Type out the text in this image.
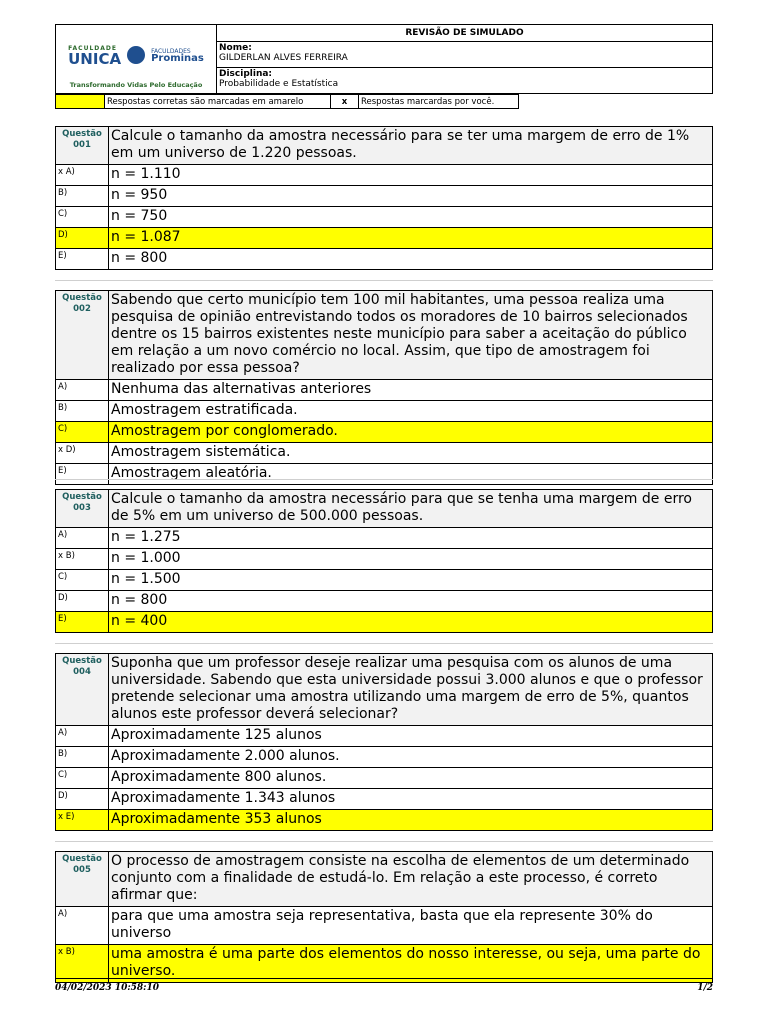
FACULDADE
UNICA	FACULDADES
Prominas
Transformando Vidas Pelo Educação
	REVISÃO DE SIMULADO

Nome:
GILDERLAN ALVES FERREIRA

Disciplina:
Probabilidade e Estatística
	Respostas corretas são marcadas em amarelo	x	Respostas marcardas por você.
Questão
001	Calcule o tamanho da amostra necessário para se ter uma margem de erro de 1% em um universo de 1.220 pessoas.
x A)	n = 1.110
B)	n = 950
C)	n = 750
D)	n = 1.087
E)	n = 800
Questão
002	Sabendo que certo município tem 100 mil habitantes, uma pessoa realiza uma pesquisa de opinião entrevistando todos os moradores de 10 bairros selecionados dentre os 15 bairros existentes neste município para saber a aceitação do público em relação a um novo comércio no local. Assim, que tipo de amostragem foi realizado por essa pessoa?
A)	Nenhuma das alternativas anteriores
B)	Amostragem estratificada.
C)	Amostragem por conglomerado.
x D)	Amostragem sistemática.
E)	Amostragem aleatória.
Questão
003	Calcule o tamanho da amostra necessário para que se tenha uma margem de erro de 5% em um universo de 500.000 pessoas.
A)	n = 1.275
x B)	n = 1.000
C)	n = 1.500
D)	n = 800
E)	n = 400
Questão
004	Suponha que um professor deseje realizar uma pesquisa com os alunos de uma universidade. Sabendo que esta universidade possui 3.000 alunos e que o professor pretende selecionar uma amostra utilizando uma margem de erro de 5%, quantos alunos este professor deverá selecionar?
A)	Aproximadamente 125 alunos
B)	Aproximadamente 2.000 alunos.
C)	Aproximadamente 800 alunos.
D)	Aproximadamente 1.343 alunos
x E)	Aproximadamente 353 alunos
Questão
005	O processo de amostragem consiste na escolha de elementos de um determinado conjunto com a finalidade de estudá-lo. Em relação a este processo, é correto afirmar que:
A)	para que uma amostra seja representativa, basta que ela represente 30% do universo
x B)	uma amostra é uma parte dos elementos do nosso interesse, ou seja, uma parte do universo.
04/02/2023 10:58:10	1/2
